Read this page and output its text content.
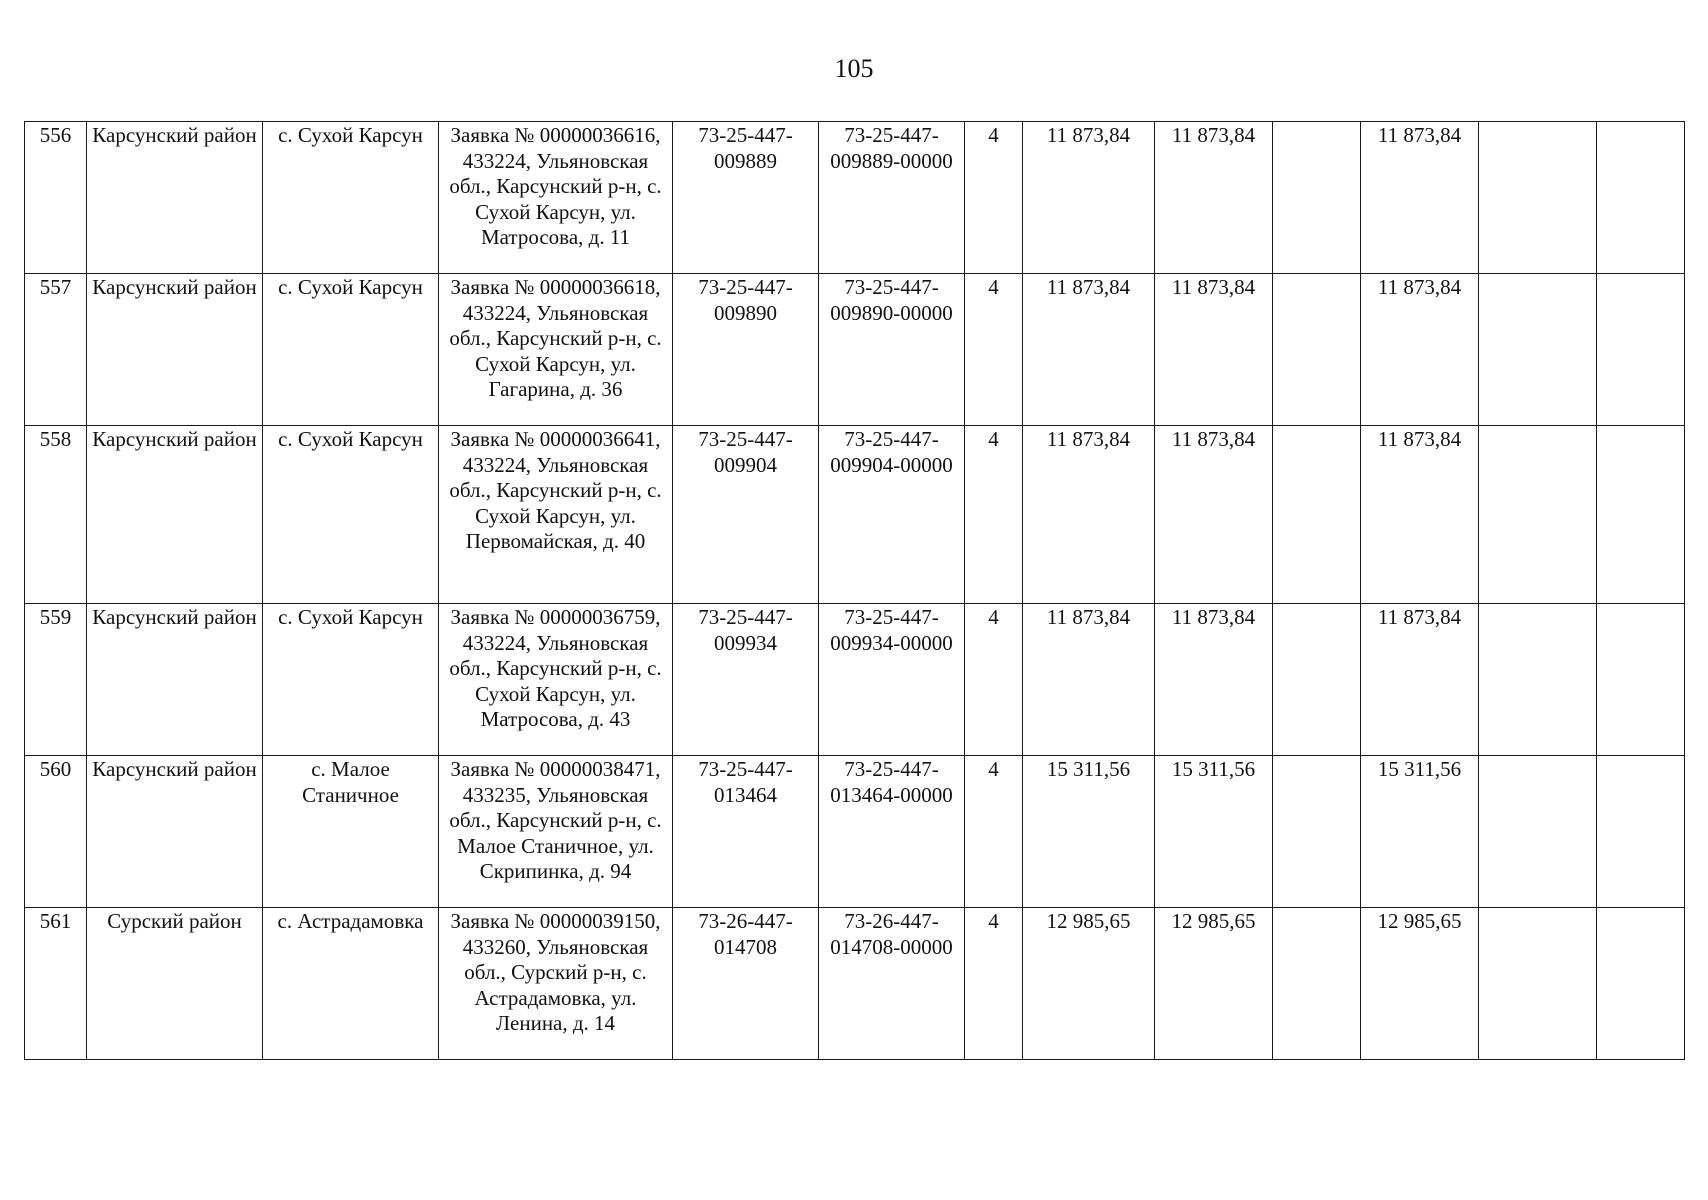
105
556	Карсунский район	с. Сухой Карсун	Заявка № 00000036616, 433224, Ульяновская обл., Карсунский р-н, с. Сухой Карсун, ул. Матросова, д. 11	73-25-447-009889	73-25-447-009889-00000	4	11 873,84	11 873,84		11 873,84		
557	Карсунский район	с. Сухой Карсун	Заявка № 00000036618, 433224, Ульяновская обл., Карсунский р-н, с. Сухой Карсун, ул. Гагарина, д. 36	73-25-447-009890	73-25-447-009890-00000	4	11 873,84	11 873,84		11 873,84		
558	Карсунский район	с. Сухой Карсун	Заявка № 00000036641, 433224, Ульяновская обл., Карсунский р-н, с. Сухой Карсун, ул. Первомайская, д. 40	73-25-447-009904	73-25-447-009904-00000	4	11 873,84	11 873,84		11 873,84		
559	Карсунский район	с. Сухой Карсун	Заявка № 00000036759, 433224, Ульяновская обл., Карсунский р-н, с. Сухой Карсун, ул. Матросова, д. 43	73-25-447-009934	73-25-447-009934-00000	4	11 873,84	11 873,84		11 873,84		
560	Карсунский район	с. Малое Станичное	Заявка № 00000038471, 433235, Ульяновская обл., Карсунский р-н, с. Малое Станичное, ул. Скрипинка, д. 94	73-25-447-013464	73-25-447-013464-00000	4	15 311,56	15 311,56		15 311,56		
561	Сурский район	с. Астрадамовка	Заявка № 00000039150, 433260, Ульяновская обл., Сурский р-н, с. Астрадамовка, ул. Ленина, д. 14	73-26-447-014708	73-26-447-014708-00000	4	12 985,65	12 985,65		12 985,65		
